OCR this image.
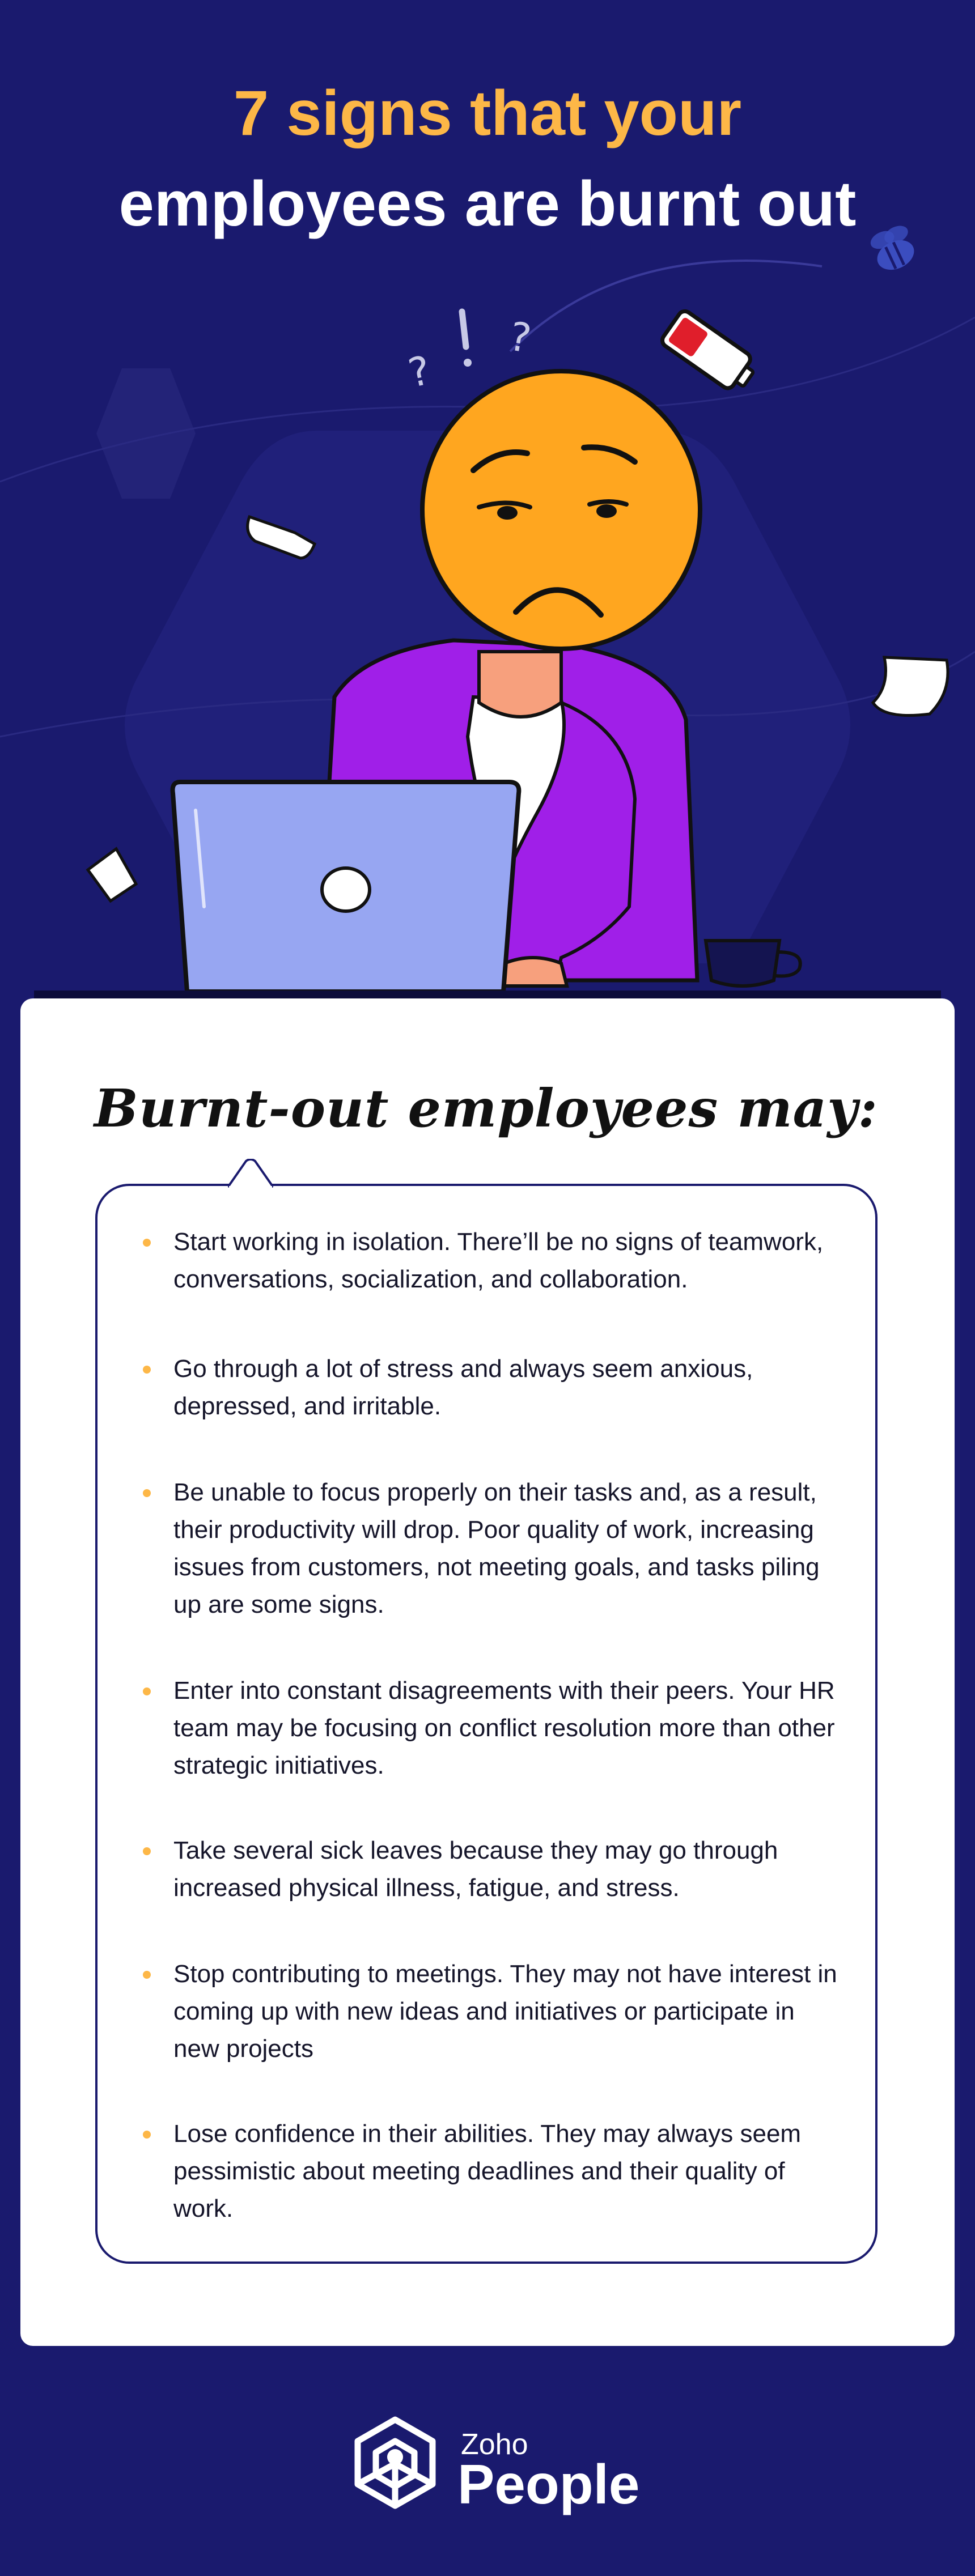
7 signs that your
employees are burnt out
?
?
Burnt-out employees may:
Start working in isolation. There’ll be no signs of teamwork, conversations, socialization, and collaboration.
Go through a lot of stress and always seem anxious, depressed, and irritable.
Be unable to focus properly on their tasks and, as a result, their productivity will drop. Poor quality of work, increasing issues from customers, not meeting goals, and tasks piling up are some signs.
Enter into constant disagreements with their peers. Your HR team may be focusing on conflict resolution more than other strategic initiatives.
Take several sick leaves because they may go through increased physical illness, fatigue, and stress.
Stop contributing to meetings. They may not have interest in coming up with new ideas and initiatives or participate in new projects
Lose confidence in their abilities. They may always seem pessimistic about meeting deadlines and their quality of work.

Zoho

People
